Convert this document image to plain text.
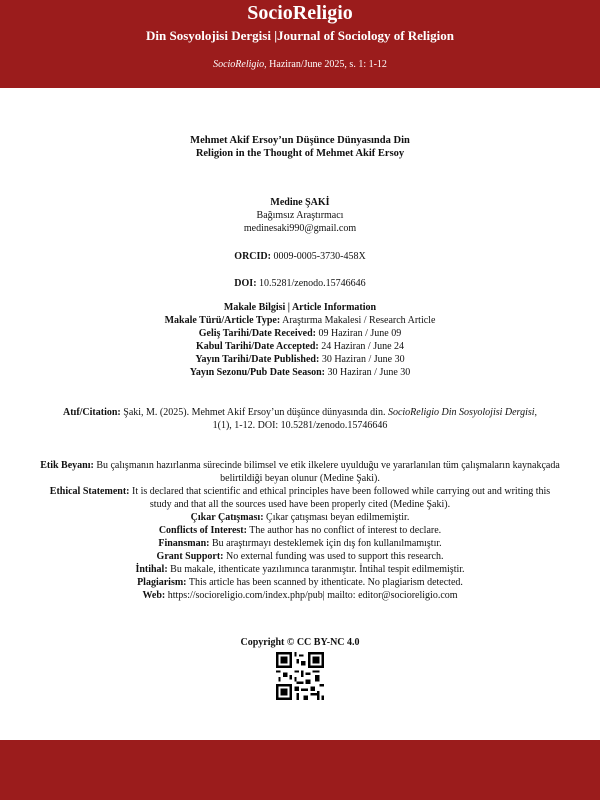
SocioReligio
Din Sosyolojisi Dergisi |Journal of Sociology of Religion
SocioReligio, Haziran/June 2025, s. 1: 1-12

Mehmet Akif Ersoy’un Düşünce Dünyasında Din

Religion in the Thought of Mehmet Akif Ersoy

Medine ŞAKİ

Bağımsız Araştırmacı

medinesaki990@gmail.com

ORCID: 0009-0005-3730-458X
DOI: 10.5281/zenodo.15746646

Makale Bilgisi | Article Information

Makale Türü/Article Type: Araştırma Makalesi / Research Article

Geliş Tarihi/Date Received: 09 Haziran / June 09

Kabul Tarihi/Date Accepted: 24 Haziran / June 24

Yayın Tarihi/Date Published: 30 Haziran / June 30

Yayın Sezonu/Pub Date Season: 30 Haziran / June 30

Atıf/Citation: Şaki, M. (2025). Mehmet Akif Ersoy’un düşünce dünyasında din. SocioReligio Din Sosyolojisi Dergisi, 1(1), 1-12. DOI: 10.5281/zenodo.15746646

Etik Beyanı: Bu çalışmanın hazırlanma sürecinde bilimsel ve etik ilkelere uyulduğu ve yararlanılan tüm çalışmaların kaynakçada belirtildiği beyan olunur (Medine Şaki).

Ethical Statement: It is declared that scientific and ethical principles have been followed while carrying out and writing this study and that all the sources used have been properly cited (Medine Şaki).

Çıkar Çatışması: Çıkar çatışması beyan edilmemiştir.

Conflicts of Interest: The author has no conflict of interest to declare.

Finansman: Bu araştırmayı desteklemek için dış fon kullanılmamıştır.

Grant Support: No external funding was used to support this research.

İntihal: Bu makale, ithenticate yazılımınca taranmıştır. İntihal tespit edilmemiştir.

Plagiarism: This article has been scanned by ithenticate. No plagiarism detected.

Web: https://socioreligio.com/index.php/pub| mailto: editor@socioreligio.com

Copyright © CC BY-NC 4.0
